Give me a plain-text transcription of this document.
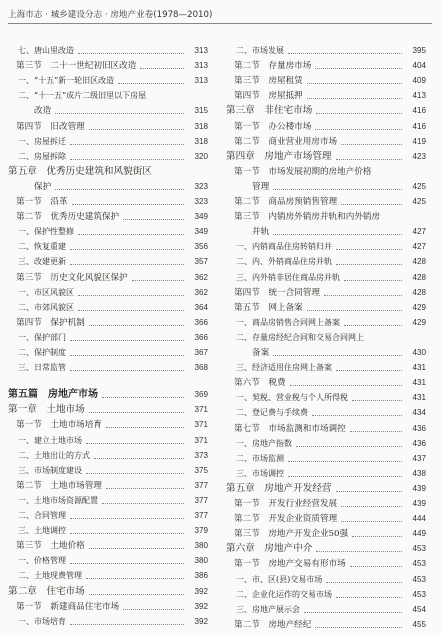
上海市志 · 城乡建设分志 · 房地产业卷(1978—2010)
七、唐山里改造	313
第三节　二十一世纪初旧区改造	313
一、“十五”新一轮旧区改造	313
二、“十一五”成片二级旧里以下房屋
改造	315
第四节　旧改管理	318
一、房屋拆迁	318
二、房屋拆除	320
第五章　优秀历史建筑和风貌街区
保护	323
第一节　沿革	323
第二节　优秀历史建筑保护	349
一、保护性整修	349
二、恢复重建	356
三、改建更新	357
第三节　历史文化风貌区保护	362
一、市区风貌区	362
二、市郊风貌区	364
第四节　保护机制	366
一、保护部门	366
二、保护制度	367
三、日常监管	368
第五篇　房地产市场	369
第一章　土地市场	371
第一节　土地市场培育	371
一、建立土地市场	371
二、土地出让的方式	373
三、市场制度建设	375
第二节　土地市场管理	377
一、土地市场资源配置	377
二、合同管理	377
三、土地调控	379
第三节　土地价格	380
一、价格管理	380
二、土地现费管理	386
第二章　住宅市场	392
第一节　新建商品住宅市场	392
一、市场培育	392
二、市场发展	395
第二节　存量房市场	404
第三节　房屋租赁	409
第四节　房屋抵押	413
第三章　非住宅市场	416
第一节　办公楼市场	416
第二节　商业营业用房市场	419
第四章　房地产市场管理	423
第一节　市场发展初期的房地产价格
管理	425
第二节　商品房预销售管理	425
第三节　内销房外销房并轨和内外销房
并轨	427
一、内销商品住房转销归并	427
二、内、外销商品住房并轨	428
三、内外销非居住商品房并轨	428
第四节　统一合同管理	428
第五节　网上备案	429
一、商品房销售合同网上备案	429
二、存量房经纪合同和交易合同网上
备案	430
三、经济适用住房网上备案	431
第六节　税费	431
一、契税、营业税与个人所得税	431
二、登记费与手续费	434
第七节　市场监测和市场调控	436
一、房地产指数	436
二、市场监测	437
三、市场调控	438
第五章　房地产开发经营	439
第一节　开发行业经营发展	439
第二节　开发企业资质管理	444
第三节　房地产开发企业50强	449
第六章　房地产中介	453
第一节　房地产交易有形市场	453
一、市、区(县)交易市场	453
二、企业化运作的交易市场	453
三、房地产展示会	454
第二节　房地产经纪	455
